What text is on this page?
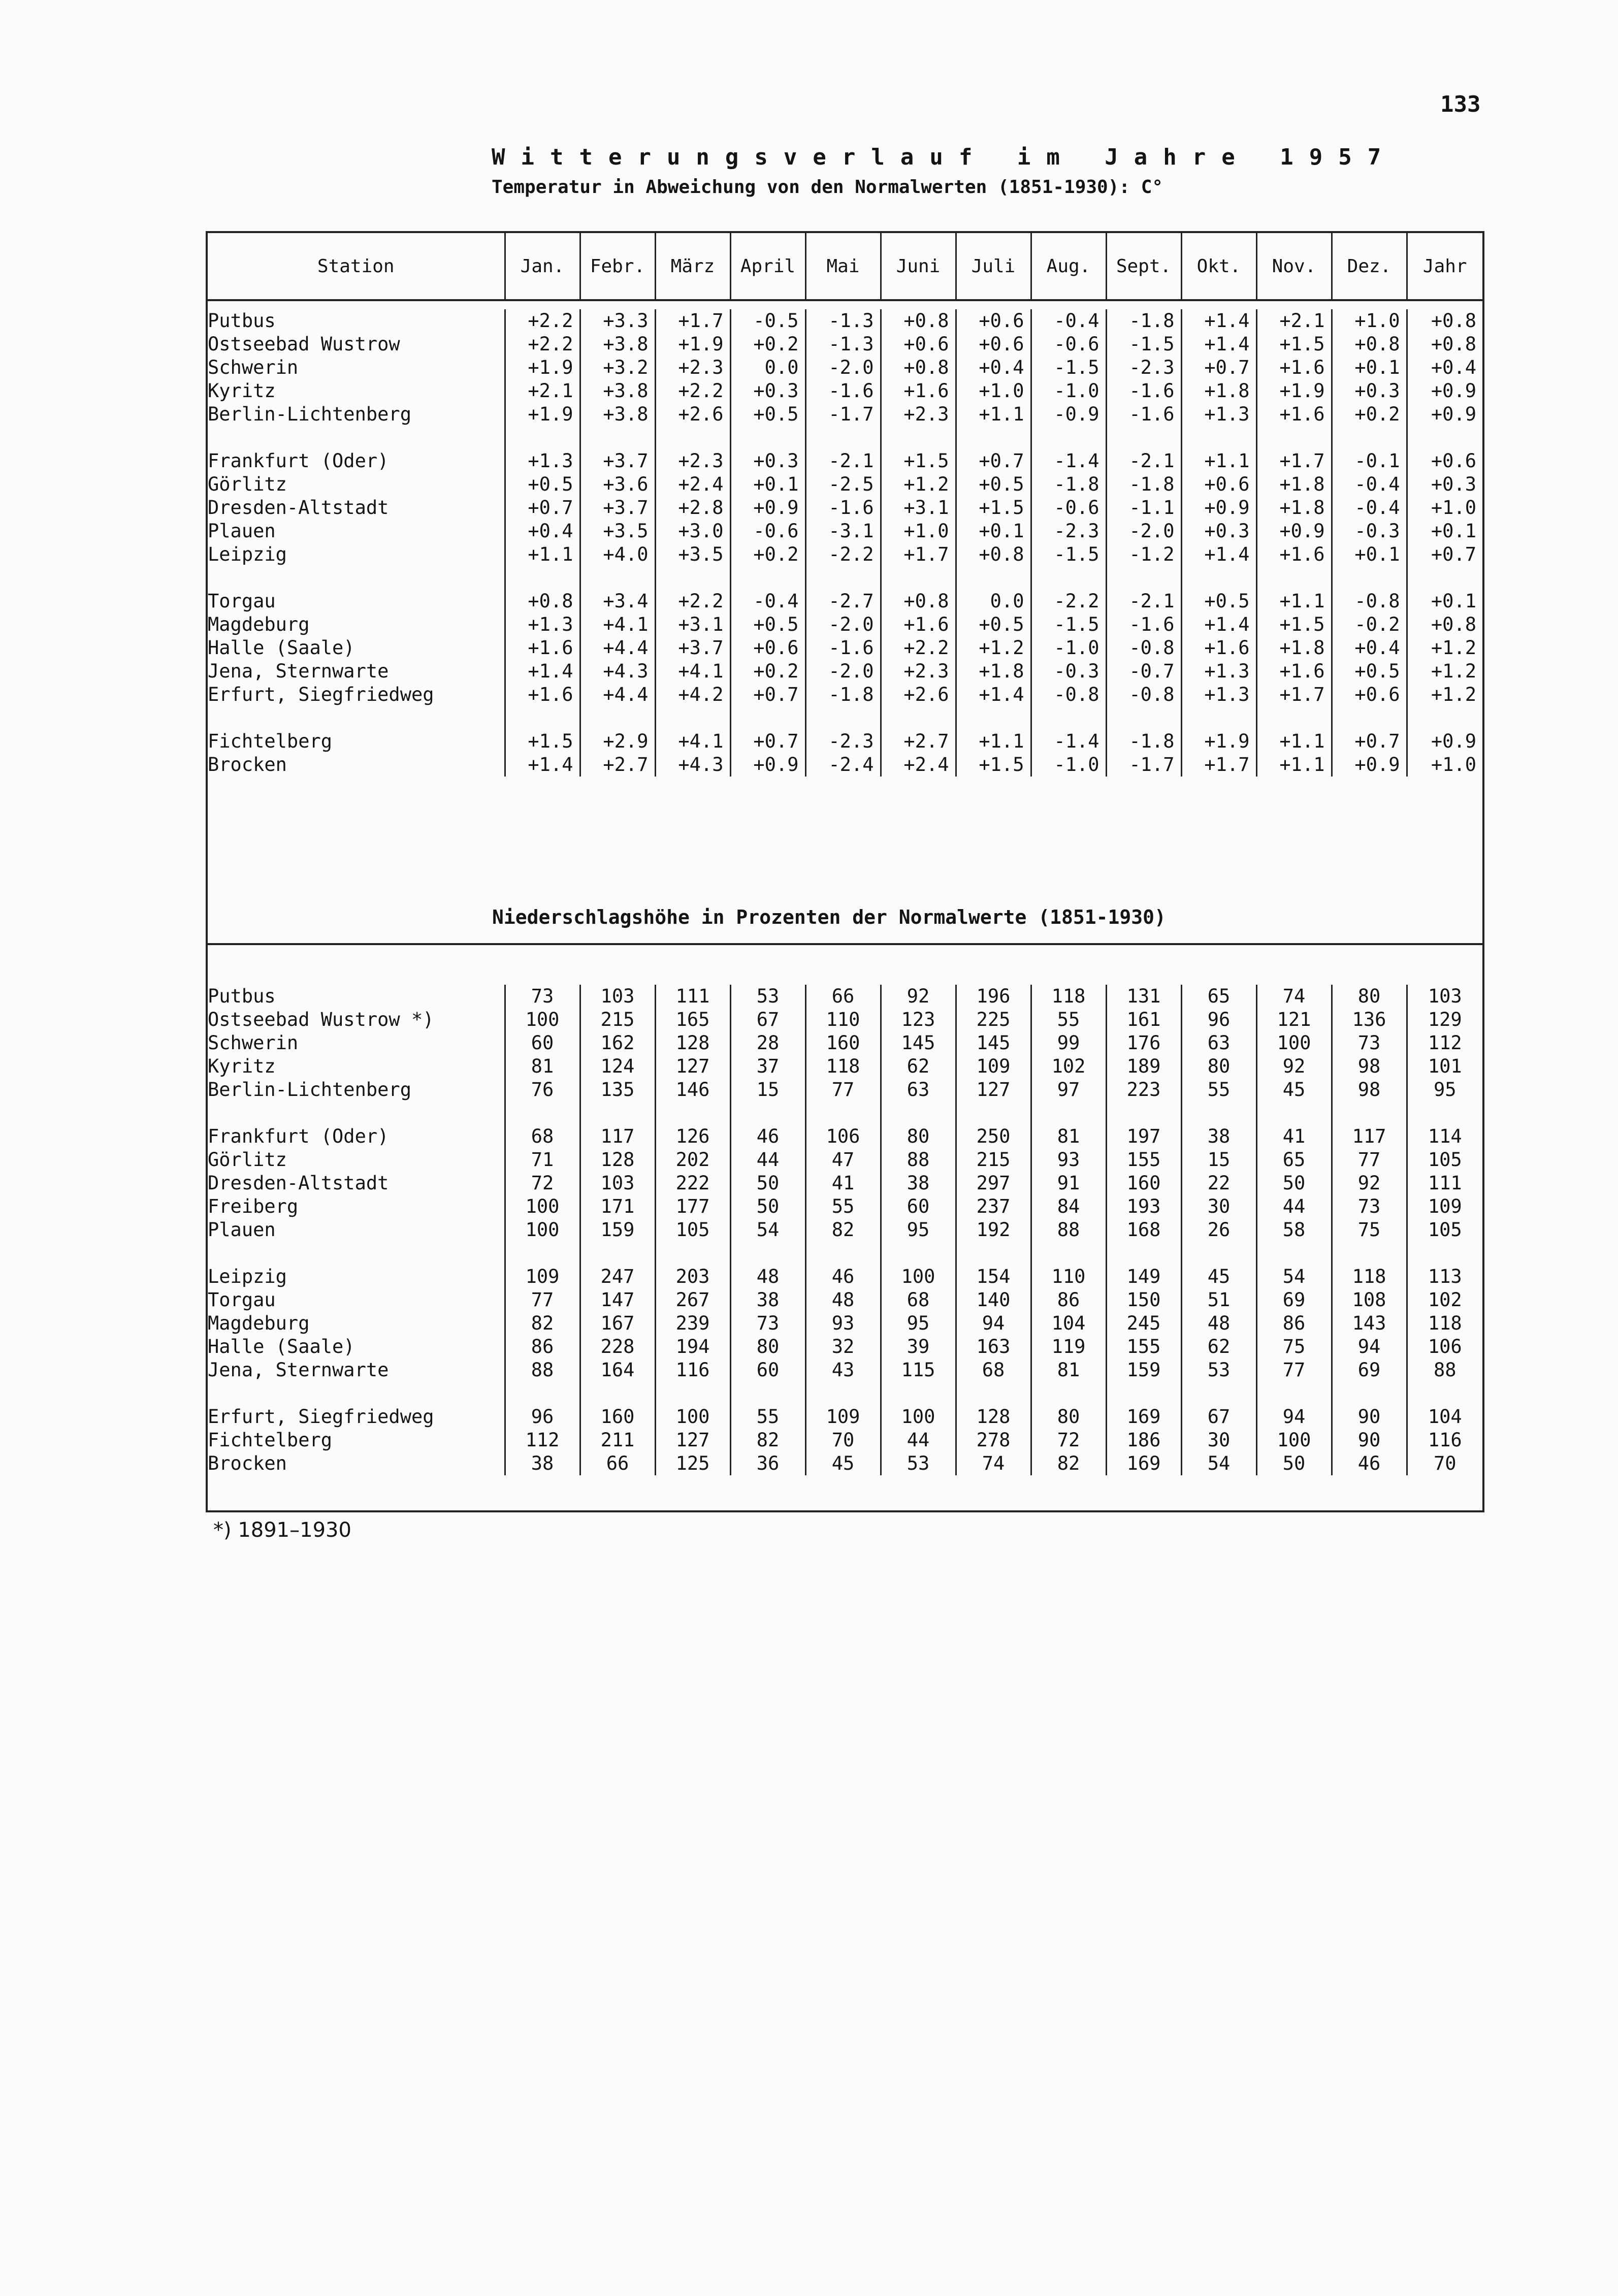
133
Witterungsverlauf im Jahre 1957
Temperatur in Abweichung von den Normalwerten (1851-1930): C°
Station	Jan.	Febr.	März	April	Mai	Juni	Juli	Aug.	Sept.	Okt.	Nov.	Dez.	Jahr
Putbus	+2.2	+3.3	+1.7	-0.5	-1.3	+0.8	+0.6	-0.4	-1.8	+1.4	+2.1	+1.0	+0.8
Ostseebad Wustrow	+2.2	+3.8	+1.9	+0.2	-1.3	+0.6	+0.6	-0.6	-1.5	+1.4	+1.5	+0.8	+0.8
Schwerin	+1.9	+3.2	+2.3	0.0	-2.0	+0.8	+0.4	-1.5	-2.3	+0.7	+1.6	+0.1	+0.4
Kyritz	+2.1	+3.8	+2.2	+0.3	-1.6	+1.6	+1.0	-1.0	-1.6	+1.8	+1.9	+0.3	+0.9
Berlin-Lichtenberg	+1.9	+3.8	+2.6	+0.5	-1.7	+2.3	+1.1	-0.9	-1.6	+1.3	+1.6	+0.2	+0.9

Frankfurt (Oder)	+1.3	+3.7	+2.3	+0.3	-2.1	+1.5	+0.7	-1.4	-2.1	+1.1	+1.7	-0.1	+0.6
Görlitz	+0.5	+3.6	+2.4	+0.1	-2.5	+1.2	+0.5	-1.8	-1.8	+0.6	+1.8	-0.4	+0.3
Dresden-Altstadt	+0.7	+3.7	+2.8	+0.9	-1.6	+3.1	+1.5	-0.6	-1.1	+0.9	+1.8	-0.4	+1.0
Plauen	+0.4	+3.5	+3.0	-0.6	-3.1	+1.0	+0.1	-2.3	-2.0	+0.3	+0.9	-0.3	+0.1
Leipzig	+1.1	+4.0	+3.5	+0.2	-2.2	+1.7	+0.8	-1.5	-1.2	+1.4	+1.6	+0.1	+0.7

Torgau	+0.8	+3.4	+2.2	-0.4	-2.7	+0.8	0.0	-2.2	-2.1	+0.5	+1.1	-0.8	+0.1
Magdeburg	+1.3	+4.1	+3.1	+0.5	-2.0	+1.6	+0.5	-1.5	-1.6	+1.4	+1.5	-0.2	+0.8
Halle (Saale)	+1.6	+4.4	+3.7	+0.6	-1.6	+2.2	+1.2	-1.0	-0.8	+1.6	+1.8	+0.4	+1.2
Jena, Sternwarte	+1.4	+4.3	+4.1	+0.2	-2.0	+2.3	+1.8	-0.3	-0.7	+1.3	+1.6	+0.5	+1.2
Erfurt, Siegfriedweg	+1.6	+4.4	+4.2	+0.7	-1.8	+2.6	+1.4	-0.8	-0.8	+1.3	+1.7	+0.6	+1.2

Fichtelberg	+1.5	+2.9	+4.1	+0.7	-2.3	+2.7	+1.1	-1.4	-1.8	+1.9	+1.1	+0.7	+0.9
Brocken	+1.4	+2.7	+4.3	+0.9	-2.4	+2.4	+1.5	-1.0	-1.7	+1.7	+1.1	+0.9	+1.0
Niederschlagshöhe in Prozenten der Normalwerte (1851-1930)
Putbus	73	103	111	53	66	92	196	118	131	65	74	80	103
Ostseebad Wustrow *)	100	215	165	67	110	123	225	55	161	96	121	136	129
Schwerin	60	162	128	28	160	145	145	99	176	63	100	73	112
Kyritz	81	124	127	37	118	62	109	102	189	80	92	98	101
Berlin-Lichtenberg	76	135	146	15	77	63	127	97	223	55	45	98	95

Frankfurt (Oder)	68	117	126	46	106	80	250	81	197	38	41	117	114
Görlitz	71	128	202	44	47	88	215	93	155	15	65	77	105
Dresden-Altstadt	72	103	222	50	41	38	297	91	160	22	50	92	111
Freiberg	100	171	177	50	55	60	237	84	193	30	44	73	109
Plauen	100	159	105	54	82	95	192	88	168	26	58	75	105

Leipzig	109	247	203	48	46	100	154	110	149	45	54	118	113
Torgau	77	147	267	38	48	68	140	86	150	51	69	108	102
Magdeburg	82	167	239	73	93	95	94	104	245	48	86	143	118
Halle (Saale)	86	228	194	80	32	39	163	119	155	62	75	94	106
Jena, Sternwarte	88	164	116	60	43	115	68	81	159	53	77	69	88

Erfurt, Siegfriedweg	96	160	100	55	109	100	128	80	169	67	94	90	104
Fichtelberg	112	211	127	82	70	44	278	72	186	30	100	90	116
Brocken	38	66	125	36	45	53	74	82	169	54	50	46	70
*) 1891–1930
